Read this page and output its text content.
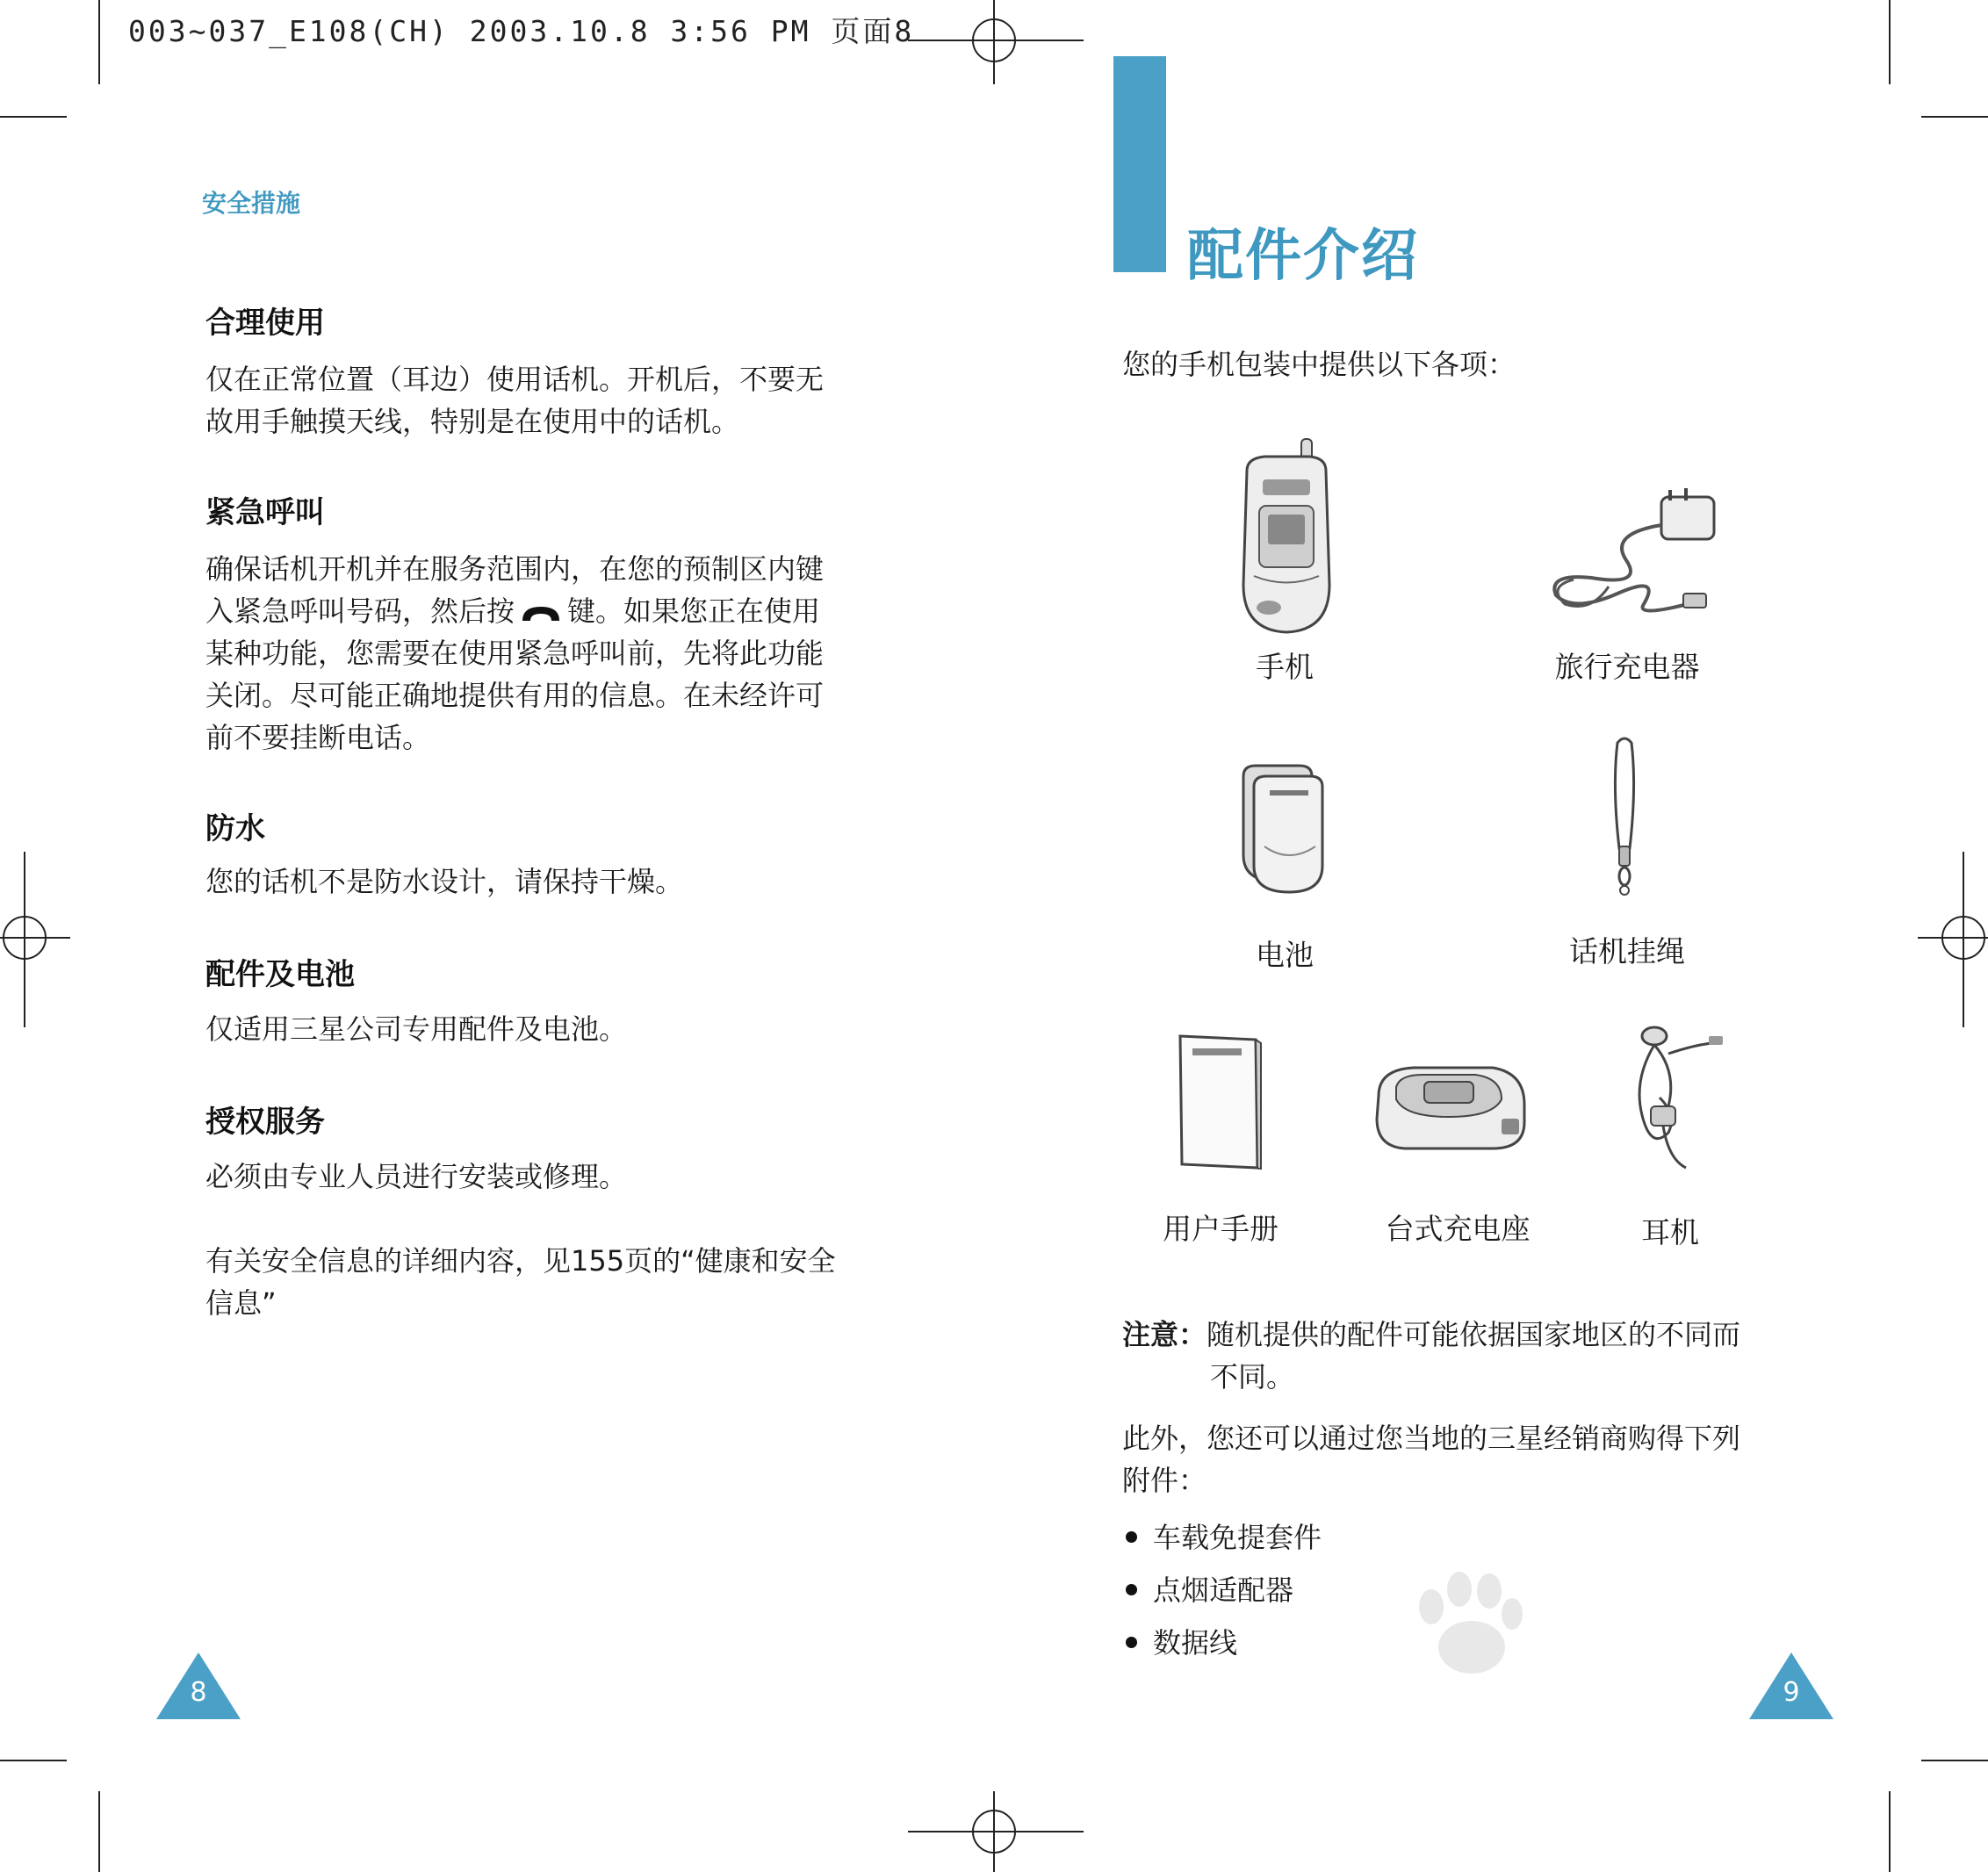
003~037_E108(CH) 2003.10.8 3:56 PM 页面8
安全措施
合理使用

仅在正常位置（耳边）使用话机。开机后，不要无

故用手触摸天线，特别是在使用中的话机。

紧急呼叫

确保话机开机并在服务范围内，在您的预制区内键

入紧急呼叫号码，然后按 键。如果您正在使用

某种功能，您需要在使用紧急呼叫前，先将此功能

关闭。尽可能正确地提供有用的信息。在未经许可

前不要挂断电话。

防水

您的话机不是防水设计，请保持干燥。

配件及电池

仅适用三星公司专用配件及电池。

授权服务

必须由专业人员进行安装或修理。

有关安全信息的详细内容，见155页的“健康和安全

信息”

8
配件介绍
您的手机包装中提供以下各项：
手机	旅行充电器
电池	话机挂绳
用户手册	台式充电座	耳机
注意：随机提供的配件可能依据国家地区的不同而
不同。
此外，您还可以通过您当地的三星经销商购得下列
附件：
车载免提套件
点烟适配器
数据线
9
